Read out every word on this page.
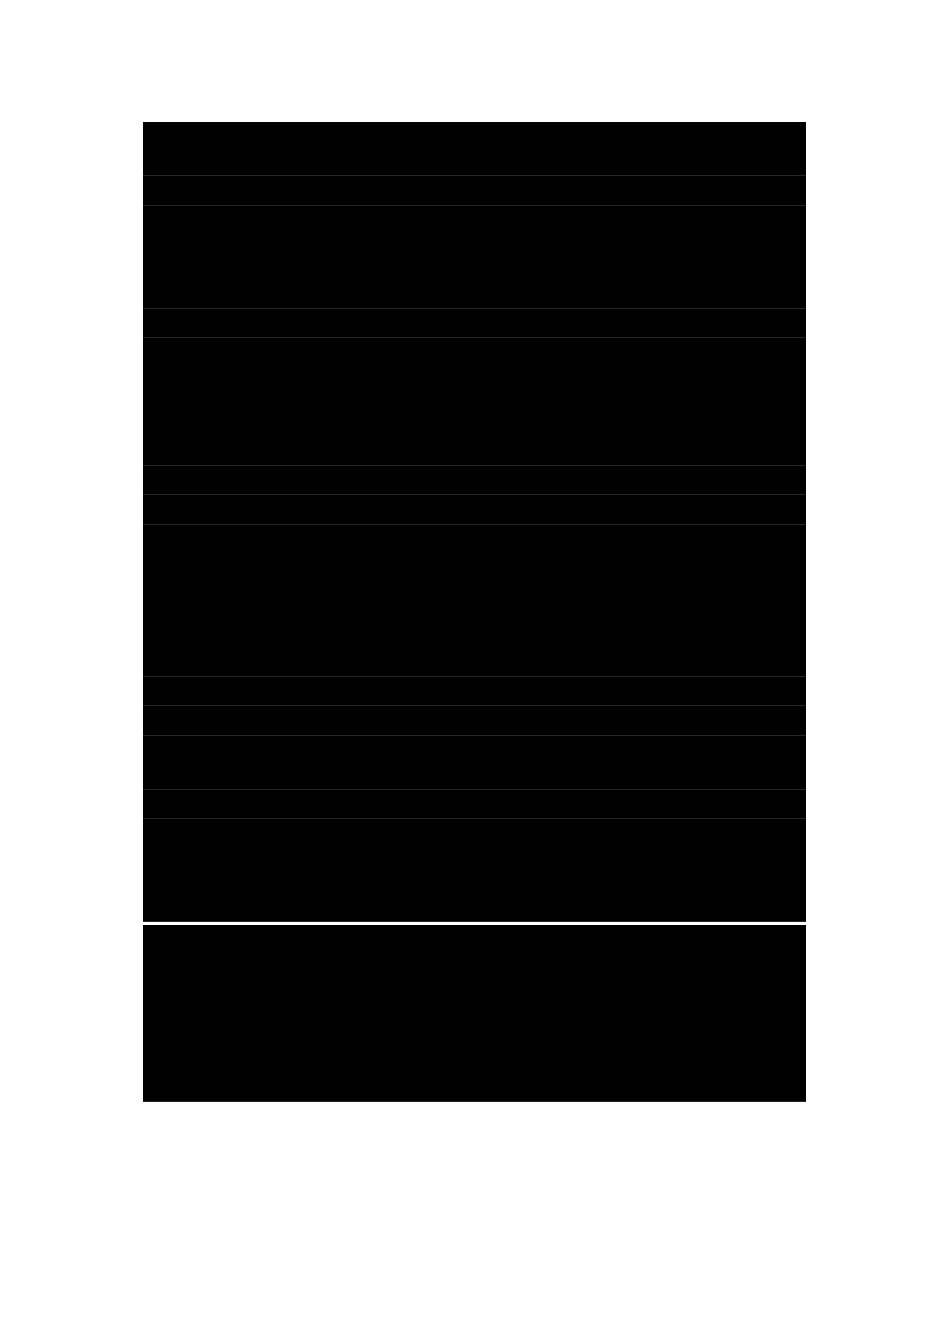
回来，/我请妈妈快坐下。”这首儿歌抒发了儿童对妈妈依恋、期盼妈妈早点回家的真实情感，从而使儿童学会尊重妈妈，尊重他人，并在外泄感情的过程中获得教益。

（二）儿歌是儿童启迪心智的需要

可以形象有趣地帮助儿童认识自然界，认识社会生活，开发他们的智力启迪引发他们的思维和想象能力。例如，儿歌中有介绍山水草木和鸟兽虫鱼的形象、习性和功能的，有描述日月星辰、四季变化的，有介绍浅显的自然和生活常识的，有介绍简单的数目和时间观念的……

（三）儿歌是儿童训练语言的需要

儿歌语言浅显、明快、通俗易懂、口语化，有节奏感，便于幼儿吟诵。反复吟诵儿歌，能帮助幼儿矫正发音、正确把握概念、初步认识事物，并能培养他们语言的连贯力和表达力，训练和发展思维，培养和提高他们运用语言的能力。例如，《十四和四十》这首儿歌是典型的矫正发音的，而金波的《小白兔》：“小白兔，三瓣嘴，蹦蹦跳跳四条腿儿。”则告诉幼儿小白兔的外貌特征是什么，便于幼儿区分小动物。

四、儿歌的传统艺术形式

（一）摇篮曲

摇篮曲也称摇篮歌、催眠曲，属“母歌”。这是一种主要由母亲或其他亲人吟唱给婴幼儿听的，用于催眠、教话、认物的简短儿歌。例如，陈伯吹先生的《摇篮曲》：“风不吹，浪不摇，小小船儿轻轻摇，小宝宝啊要睡觉。风不吹，树不摇小鸟不飞也不叫，小宝宝啊快睡觉。风不吹，云不飘，蓝色的天空静悄悄，小宝宝啊好好睡一觉。”全首儿歌分三小节，每小节都渲染一种静谧的氛围，但有变化有递进。风越来越小，四周越来越静谧，摇篮中的孩子正在悄然睡去。其间流溢出一种温馨的母爱。

摇篮曲的特点是:音调柔和动听，抒情性强，母爱永远是它的主旋律。

（二）游戏歌

儿童游戏时伴随着一定的游戏动作而吟唱的儿歌。像《找朋友》、《丢手绢》《拍手歌》、《跳绳歌》等，都是游戏歌，它的特点就在于有明显的组织游戏的作用。

（三）数数歌

数数歌是以适合儿童审美心理的形象描写来巧妙地训练儿童数数能力的儿歌。它把数学与文学巧妙结合起来，是适合儿童认识水平的、最早的算术教材。，如传统儿歌《一二三》：“一二三，爬上山，四五六，翻跟头，七八九，拍皮球，张开两只手，十个手指头。”

有的数数歌不仅培养儿童的数序观念，还训练他们的运算能力和语言表达能力。如传统儿歌《数蛤蟆》：“一个蛤蟆一张嘴，两个眼睛四条腿，扑通扑通跳下水。/两个蛤蟆两张嘴，四个眼睛八条腿，扑通扑通跳下水……。”蛤蟆的嘴、眼睛和腿的数目是随着蛤蟆数目的增长而成倍增长的。因此，不仅可以训练儿童的初步运算能力，还有《手指头》：“一个指头按电钮，两个指头拣豆豆，三个指头解扣扣，四个指头提兜兜五个指头握一起，攥个拳头有劲头。”它不仅可以帮助儿童练习数数，而且还可以让儿童认识自己两手的用途。渗透了一定的思想教育的内容。
